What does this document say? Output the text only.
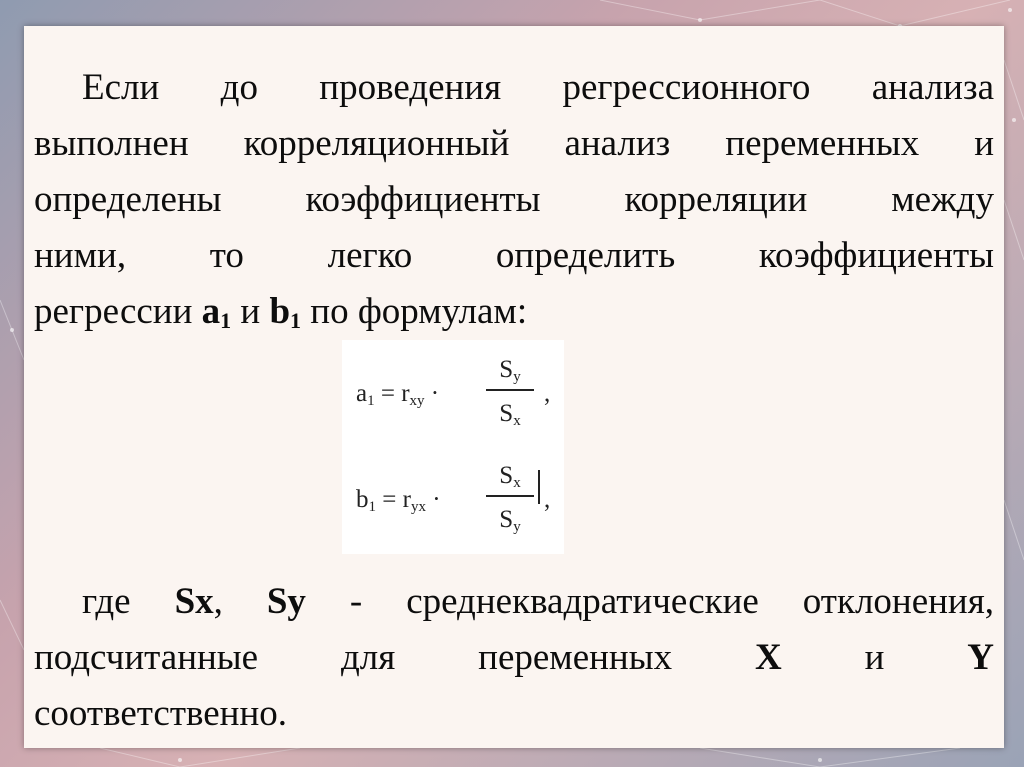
Если до проведения регрессионного анализа
выполнен корреляционный анализ переменных и
определены коэффициенты корреляции между
ними, то легко определить коэффициенты
регрессии $a_1$ и $b_1$ по формулам:

$a_1 = r_{xy}$ ·
$S_y$
$S_x$
,
$b_1 = r_{yx}$ ·
$S_x$
$S_y$
,

где Sx, Sy - среднеквадратические отклонения,
подсчитанные для переменных X и Y
соответственно.
